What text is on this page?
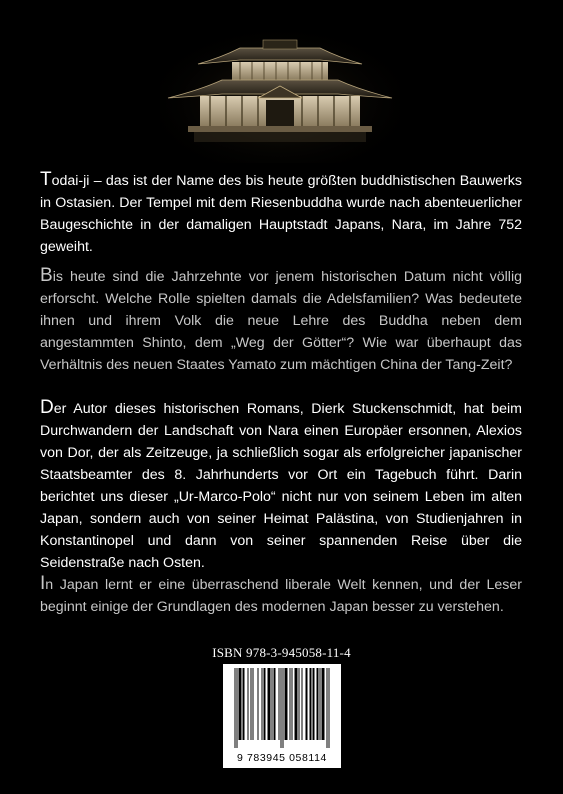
Todai-ji – das ist der Name des bis heute größten buddhistischen Bauwerks in Ostasien. Der Tempel mit dem Riesenbuddha wurde nach abenteuerlicher Baugeschichte in der damaligen Hauptstadt Japans, Nara, im Jahre 752 geweiht.
Bis heute sind die Jahrzehnte vor jenem historischen Datum nicht völlig erforscht. Welche Rolle spielten damals die Adelsfamilien? Was bedeutete ihnen und ihrem Volk die neue Lehre des Buddha neben dem angestammten Shinto, dem „Weg der Götter“? Wie war überhaupt das Verhältnis des neuen Staates Yamato zum mächtigen China der Tang-Zeit?
Der Autor dieses historischen Romans, Dierk Stuckenschmidt, hat beim Durchwandern der Landschaft von Nara einen Europäer ersonnen, Alexios von Dor, der als Zeitzeuge, ja schließlich sogar als erfolgreicher japanischer Staatsbeamter des 8. Jahrhunderts vor Ort ein Tagebuch führt. Darin berichtet uns dieser „Ur-Marco-Polo“ nicht nur von seinem Leben im alten Japan, sondern auch von seiner Heimat Palästina, von Studienjahren in Konstantinopel und dann von seiner spannenden Reise über die Seidenstraße nach Osten.
In Japan lernt er eine überraschend liberale Welt kennen, und der Leser beginnt einige der Grundlagen des modernen Japan besser zu verstehen.
ISBN 978-3-945058-11-4
9 783945 058114
